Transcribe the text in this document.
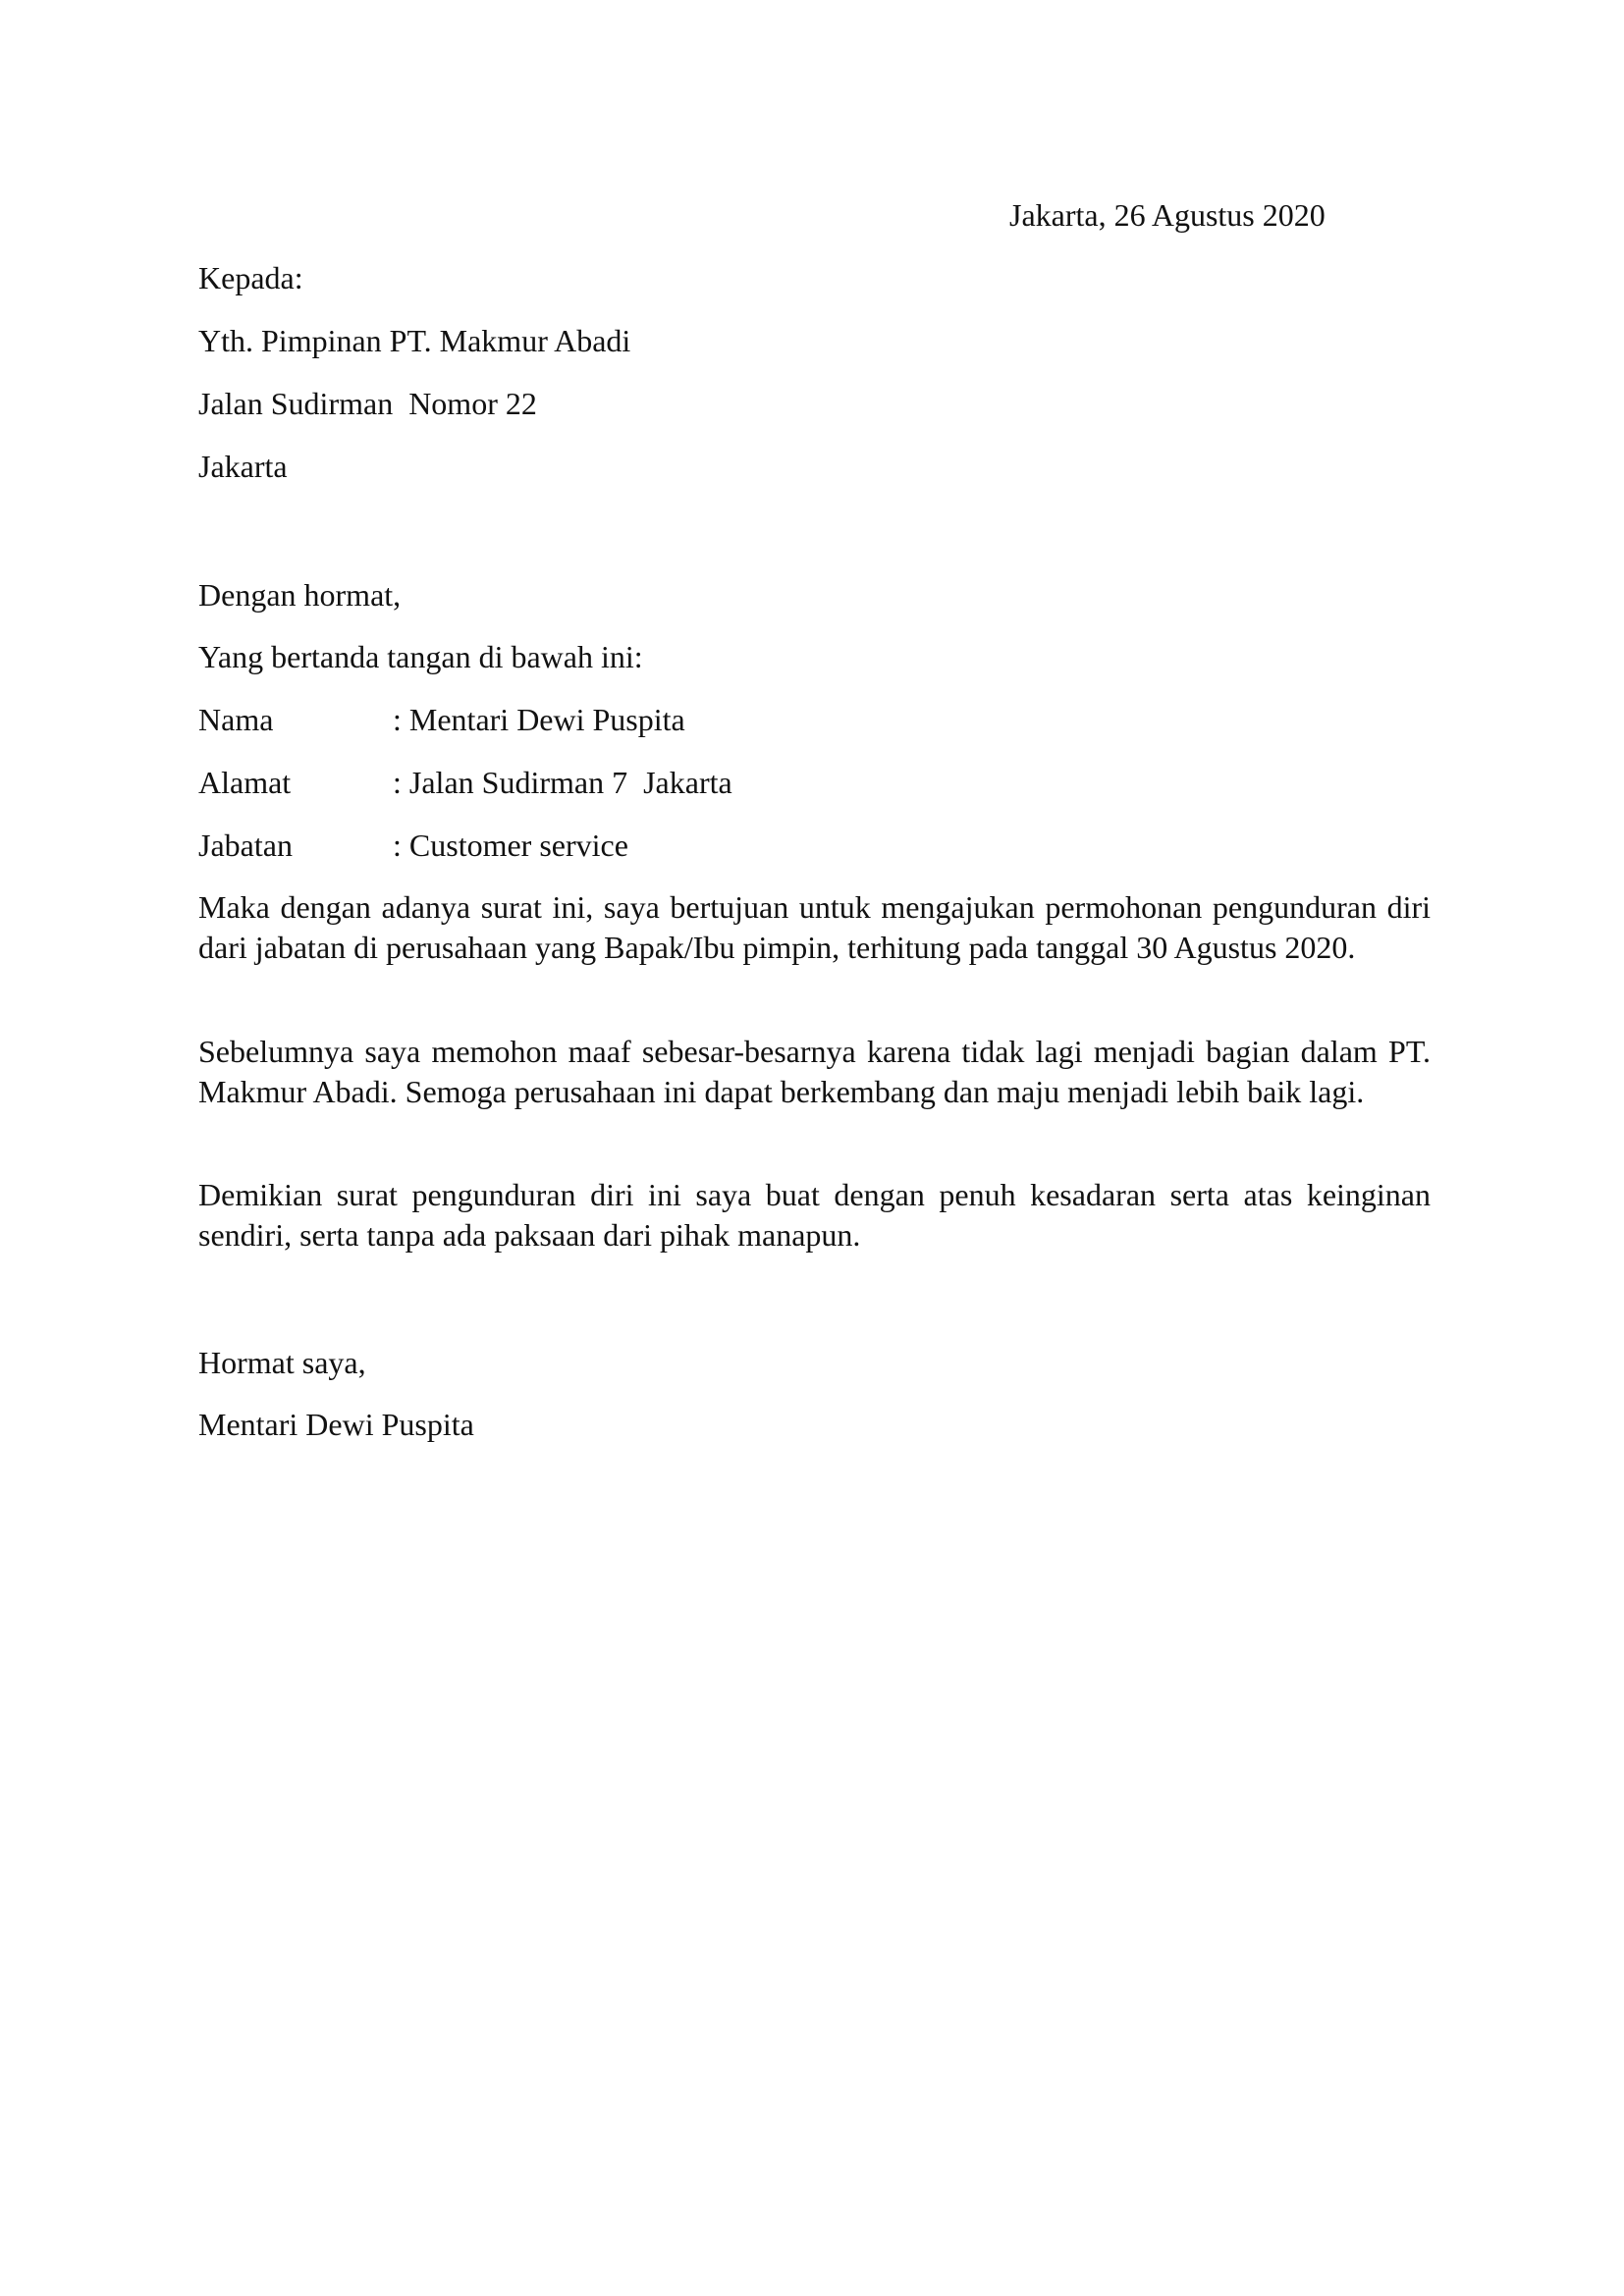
Jakarta, 26 Agustus 2020
Kepada:
Yth. Pimpinan PT. Makmur Abadi
Jalan Sudirman  Nomor 22
Jakarta
Dengan hormat,
Yang bertanda tangan di bawah ini:
Nama	: Mentari Dewi Puspita
Alamat	: Jalan Sudirman 7  Jakarta
Jabatan	: Customer service
Maka dengan adanya surat ini, saya bertujuan untuk mengajukan permohonan pengunduran diri dari jabatan di perusahaan yang Bapak/Ibu pimpin, terhitung pada tanggal 30 Agustus 2020.
Sebelumnya saya memohon maaf sebesar-besarnya karena tidak lagi menjadi bagian dalam PT. Makmur Abadi. Semoga perusahaan ini dapat berkembang dan maju menjadi lebih baik lagi.
Demikian surat pengunduran diri ini saya buat dengan penuh kesadaran serta atas keinginan sendiri, serta tanpa ada paksaan dari pihak manapun.
Hormat saya,
Mentari Dewi Puspita
